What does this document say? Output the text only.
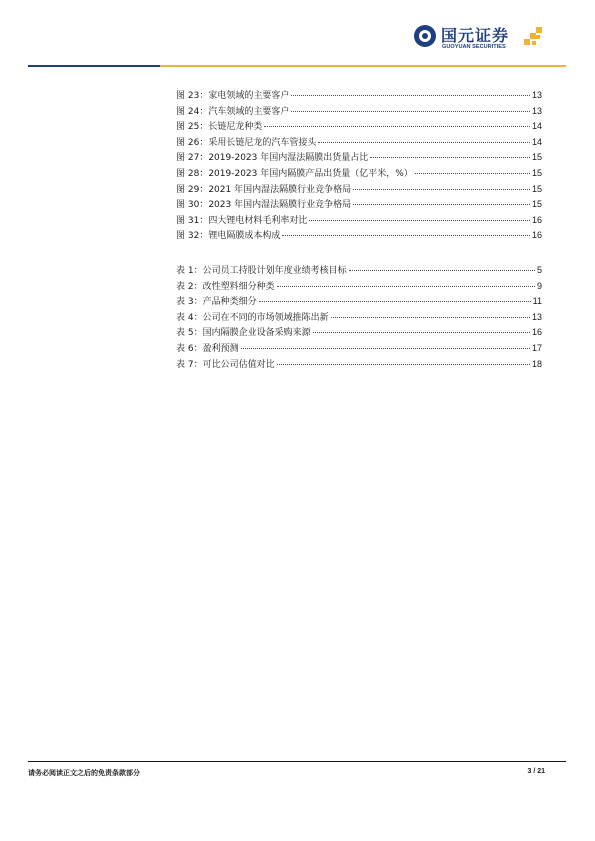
国元证券
GUOYUAN SECURITIES
图 23：家电领域的主要客户	13
图 24：汽车领域的主要客户	13
图 25：长链尼龙种类	14
图 26：采用长链尼龙的汽车管接头	14
图 27：2019-2023 年国内湿法隔膜出货量占比	15
图 28：2019-2023 年国内隔膜产品出货量（亿平米，%）	15
图 29：2021 年国内湿法隔膜行业竞争格局	15
图 30：2023 年国内湿法隔膜行业竞争格局	15
图 31：四大锂电材料毛利率对比	16
图 32：锂电隔膜成本构成	16
表 1：公司员工持股计划年度业绩考核目标	5
表 2：改性塑料细分种类	9
表 3：产品种类细分	11
表 4：公司在不同的市场领域推陈出新	13
表 5：国内隔膜企业设备采购来源	16
表 6：盈利预测	17
表 7：可比公司估值对比	18
请务必阅读正文之后的免责条款部分	3 / 21
